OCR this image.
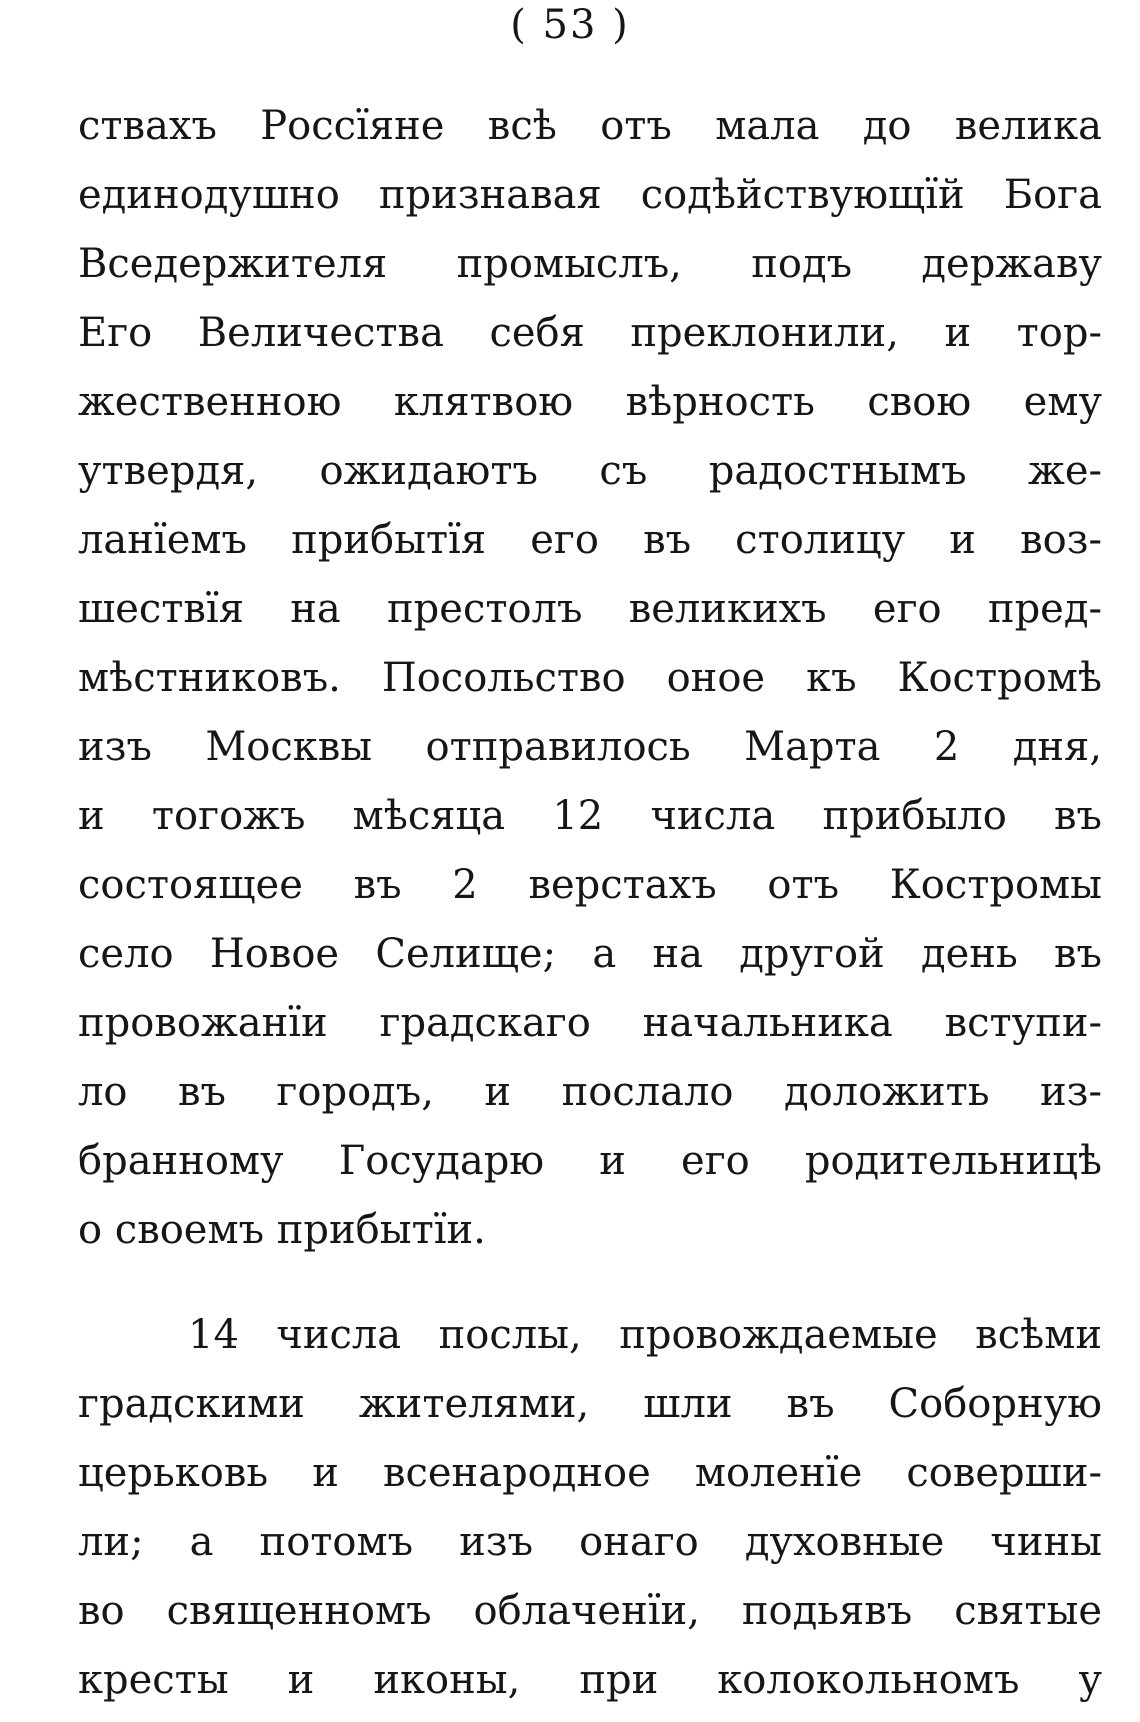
( 53 )
ствахъ Россїяне всѣ отъ мала до велика
единодушно признавая содѣйствующїй Бога
Вседержителя промыслъ, подъ державу
Его Величества себя преклонили, и тор-
жественною клятвою вѣрность свою ему
утвердя, ожидаютъ съ радостнымъ же-
ланїемъ прибытїя его въ столицу и воз-
шествїя на престолъ великихъ его пред-
мѣстниковъ. Посольство оное къ Костромѣ
изъ Москвы отправилось Марта 2 дня,
и тогожъ мѣсяца 12 числа прибыло въ
состоящее въ 2 верстахъ отъ Костромы
село Новое Селище; а на другой день въ
провожанїи градскаго начальника вступи-
ло въ городъ, и послало доложить из-
бранному Государю и его родительницѣ
о своемъ прибытїи.
14 числа послы, провождаемые всѣми
градскими жителями, шли въ Соборную
церьковь и всенародное моленїе соверши-
ли; а потомъ изъ онаго духовные чины
во священномъ облаченїи, подьявъ святые
кресты и иконы, при колокольномъ у
